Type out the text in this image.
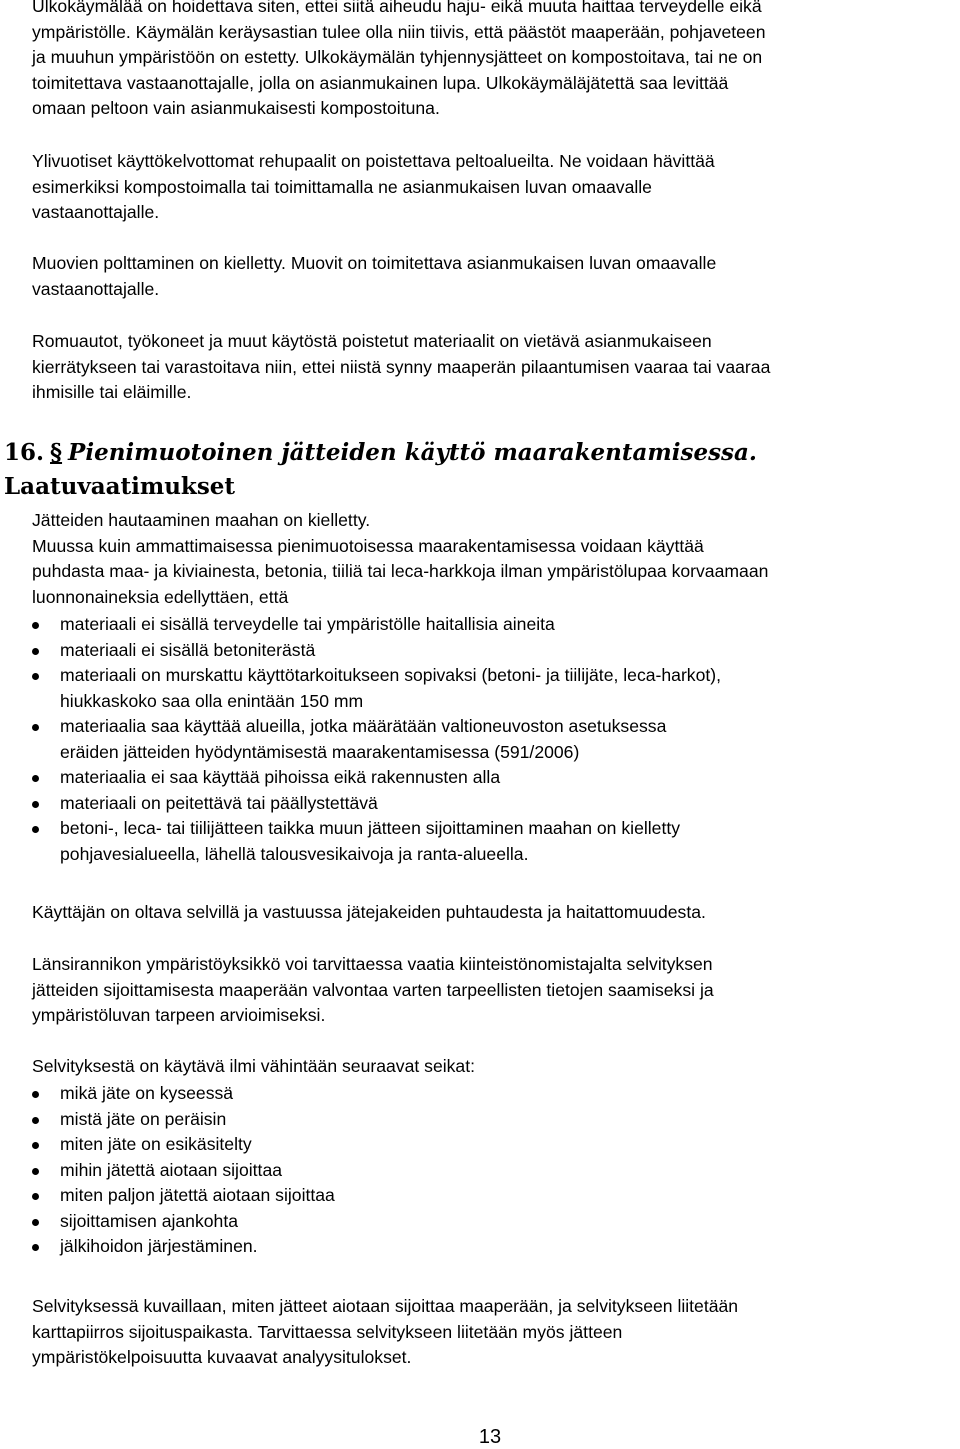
Ulkokäymälää on hoidettava siten, ettei siitä aiheudu haju- eikä muuta haittaa terveydelle eikä
ympäristölle. Käymälän keräysastian tulee olla niin tiivis, että päästöt maaperään, pohjaveteen
ja muuhun ympäristöön on estetty. Ulkokäymälän tyhjennysjätteet on kompostoitava, tai ne on
toimitettava vastaanottajalle, jolla on asianmukainen lupa. Ulkokäymäläjätettä saa levittää
omaan peltoon vain asianmukaisesti kompostoituna.

Ylivuotiset käyttökelvottomat rehupaalit on poistettava peltoalueilta. Ne voidaan hävittää
esimerkiksi kompostoimalla tai toimittamalla ne asianmukaisen luvan omaavalle
vastaanottajalle.

Muovien polttaminen on kielletty. Muovit on toimitettava asianmukaisen luvan omaavalle
vastaanottajalle.

Romuautot, työkoneet ja muut käytöstä poistetut materiaalit on vietävä asianmukaiseen
kierrätykseen tai varastoitava niin, ettei niistä synny maaperän pilaantumisen vaaraa tai vaaraa
ihmisille tai eläimille.

16. § Pienimuotoinen jätteiden käyttö maarakentamisessa.
Laatuvaatimukset

Jätteiden hautaaminen maahan on kielletty.
Muussa kuin ammattimaisessa pienimuotoisessa maarakentamisessa voidaan käyttää
puhdasta maa- ja kiviainesta, betonia, tiiliä tai leca-harkkoja ilman ympäristölupaa korvaamaan
luonnonaineksia edellyttäen, että

materiaali ei sisällä terveydelle tai ympäristölle haitallisia aineita
materiaali ei sisällä betoniterästä
materiaali on murskattu käyttötarkoitukseen sopivaksi (betoni- ja tiilijäte, leca-harkot),
hiukkaskoko saa olla enintään 150 mm
materiaalia saa käyttää alueilla, jotka määrätään valtioneuvoston asetuksessa
eräiden jätteiden hyödyntämisestä maarakentamisessa (591/2006)
materiaalia ei saa käyttää pihoissa eikä rakennusten alla
materiaali on peitettävä tai päällystettävä
betoni-, leca- tai tiilijätteen taikka muun jätteen sijoittaminen maahan on kielletty
pohjavesialueella, lähellä talousvesikaivoja ja ranta-alueella.

Käyttäjän on oltava selvillä ja vastuussa jätejakeiden puhtaudesta ja haitattomuudesta.

Länsirannikon ympäristöyksikkö voi tarvittaessa vaatia kiinteistönomistajalta selvityksen
jätteiden sijoittamisesta maaperään valvontaa varten tarpeellisten tietojen saamiseksi ja
ympäristöluvan tarpeen arvioimiseksi.

Selvityksestä on käytävä ilmi vähintään seuraavat seikat:

mikä jäte on kyseessä
mistä jäte on peräisin
miten jäte on esikäsitelty
mihin jätettä aiotaan sijoittaa
miten paljon jätettä aiotaan sijoittaa
sijoittamisen ajankohta
jälkihoidon järjestäminen.

Selvityksessä kuvaillaan, miten jätteet aiotaan sijoittaa maaperään, ja selvitykseen liitetään
karttapiirros sijoituspaikasta. Tarvittaessa selvitykseen liitetään myös jätteen
ympäristökelpoisuutta kuvaavat analyysitulokset.

13
